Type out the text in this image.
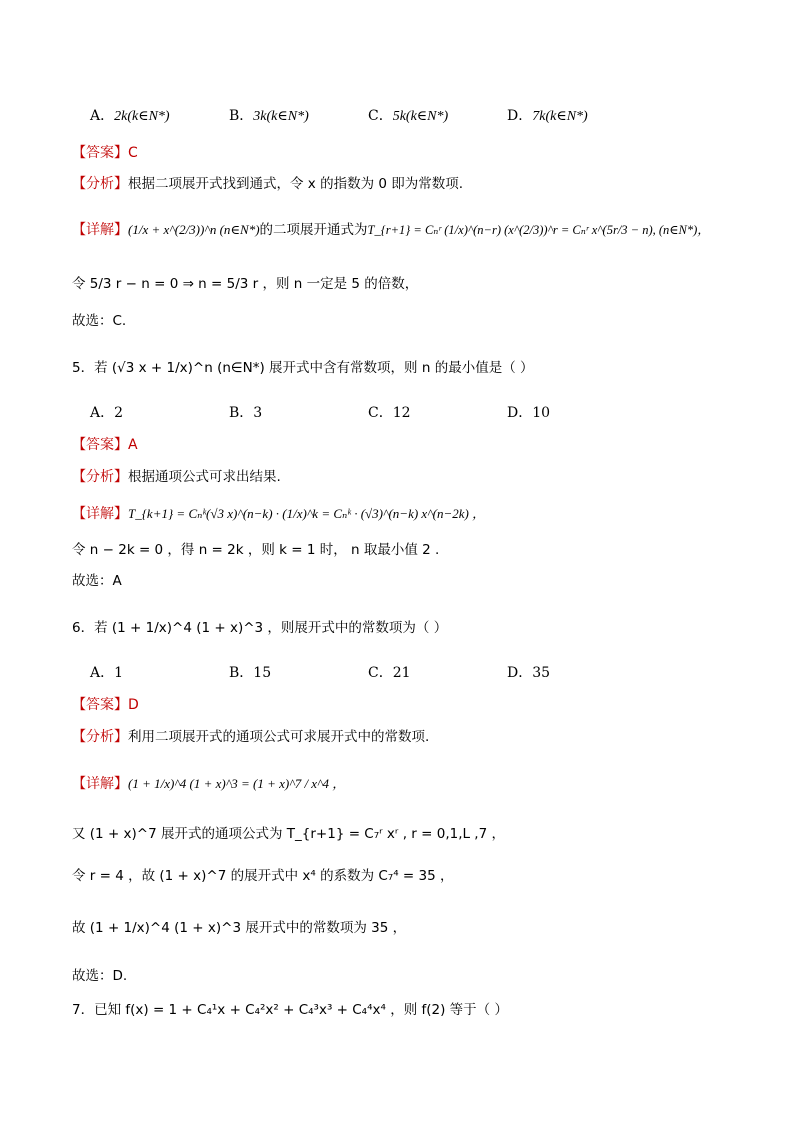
A．2k(k∈N*)	B．3k(k∈N*)	C．5k(k∈N*)	D．7k(k∈N*)
【答案】C
【分析】根据二项展开式找到通式，令 x 的指数为 0 即为常数项.
【详解】(1/x + x^(2/3))^n (n∈N*)的二项展开通式为T_{r+1} = Cₙʳ (1/x)^(n−r) (x^(2/3))^r = Cₙʳ x^(5r/3 − n), (n∈N*)，
令 5/3 r − n = 0 ⇒ n = 5/3 r ，则 n 一定是 5 的倍数，
故选：C.
5．若 (√3 x + 1/x)^n (n∈N*) 展开式中含有常数项，则 n 的最小值是（ ）
A．2	B．3	C．12	D．10
【答案】A
【分析】根据通项公式可求出结果.
【详解】T_{k+1} = Cₙᵏ(√3 x)^(n−k) · (1/x)^k = Cₙᵏ · (√3)^(n−k) x^(n−2k) ，
令 n − 2k = 0 ，得 n = 2k ，则 k = 1 时， n 取最小值 2 .
故选：A
6．若 (1 + 1/x)^4 (1 + x)^3 ，则展开式中的常数项为（ ）
A．1	B．15	C．21	D．35
【答案】D
【分析】利用二项展开式的通项公式可求展开式中的常数项.
【详解】(1 + 1/x)^4 (1 + x)^3 = (1 + x)^7 / x^4 ，
又 (1 + x)^7 展开式的通项公式为 T_{r+1} = C₇ʳ xʳ , r = 0,1,L ,7 ，
令 r = 4 ，故 (1 + x)^7 的展开式中 x⁴ 的系数为 C₇⁴ = 35 ，
故 (1 + 1/x)^4 (1 + x)^3 展开式中的常数项为 35 ，
故选：D.
7．已知 f(x) = 1 + C₄¹x + C₄²x² + C₄³x³ + C₄⁴x⁴ ，则 f(2) 等于（ ）
